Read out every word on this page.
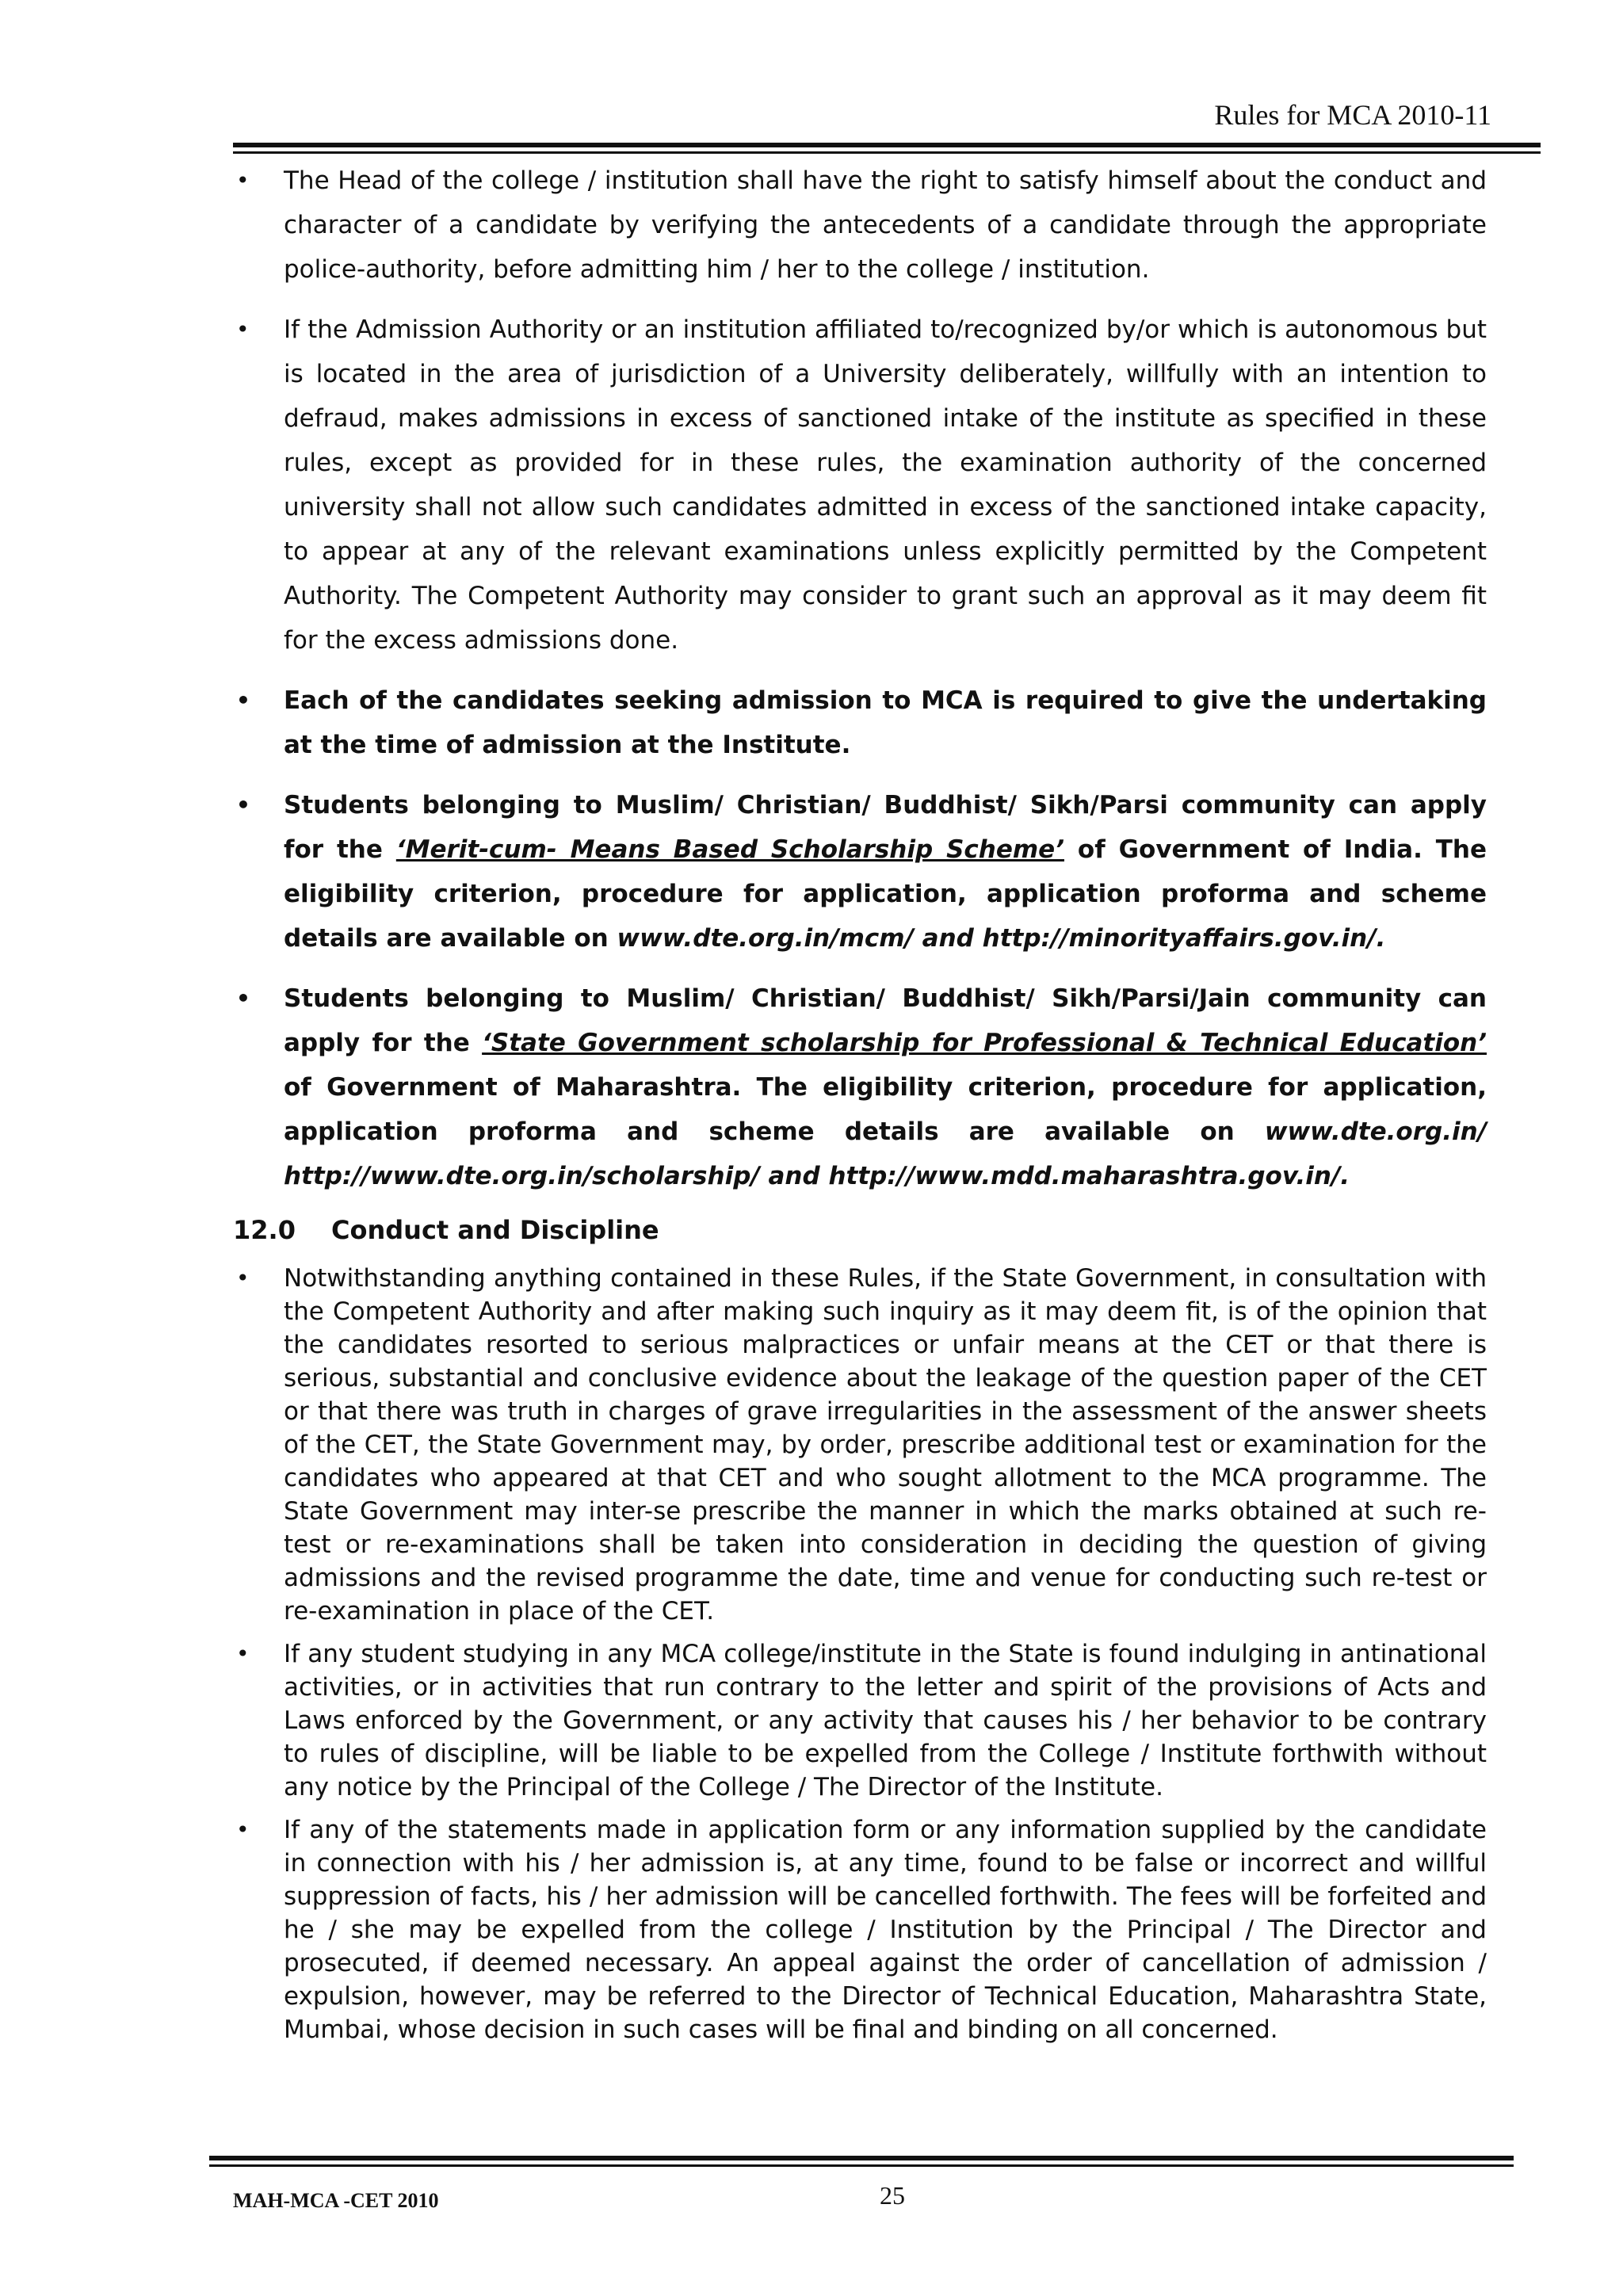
Rules for MCA 2010-11
• The Head of the college / institution shall have the right to satisfy himself about the conduct and character of a candidate by verifying the antecedents of a candidate through the appropriate police-authority, before admitting him / her to the college / institution.
• If the Admission Authority or an institution affiliated to/recognized by/or which is autonomous but is located in the area of jurisdiction of a University deliberately, willfully with an intention to defraud, makes admissions in excess of sanctioned intake of the institute as specified in these rules, except as provided for in these rules, the examination authority of the concerned university shall not allow such candidates admitted in excess of the sanctioned intake capacity, to appear at any of the relevant examinations unless explicitly permitted by the Competent Authority. The Competent Authority may consider to grant such an approval as it may deem fit for the excess admissions done.
• Each of the candidates seeking admission to MCA is required to give the undertaking at the time of admission at the Institute.
• Students belonging to Muslim/ Christian/ Buddhist/ Sikh/Parsi community can apply for the ‘Merit-cum- Means Based Scholarship Scheme’ of Government of India. The eligibility criterion, procedure for application, application proforma and scheme details are available on www.dte.org.in/mcm/ and http://minorityaffairs.gov.in/.
• Students belonging to Muslim/ Christian/ Buddhist/ Sikh/Parsi/Jain community can apply for the ‘State Government scholarship for Professional & Technical Education’ of Government of Maharashtra. The eligibility criterion, procedure for application, application proforma and scheme details are available on www.dte.org.in/ http://www.dte.org.in/scholarship/ and http://www.mdd.maharashtra.gov.in/.
12.0 Conduct and Discipline
• Notwithstanding anything contained in these Rules, if the State Government, in consultation with the Competent Authority and after making such inquiry as it may deem fit, is of the opinion that the candidates resorted to serious malpractices or unfair means at the CET or that there is serious, substantial and conclusive evidence about the leakage of the question paper of the CET or that there was truth in charges of grave irregularities in the assessment of the answer sheets of the CET, the State Government may, by order, prescribe additional test or examination for the candidates who appeared at that CET and who sought allotment to the MCA programme. The State Government may inter-se prescribe the manner in which the marks obtained at such re-test or re-examinations shall be taken into consideration in deciding the question of giving admissions and the revised programme the date, time and venue for conducting such re-test or re-examination in place of the CET.
• If any student studying in any MCA college/institute in the State is found indulging in antinational activities, or in activities that run contrary to the letter and spirit of the provisions of Acts and Laws enforced by the Government, or any activity that causes his / her behavior to be contrary to rules of discipline, will be liable to be expelled from the College / Institute forthwith without any notice by the Principal of the College / The Director of the Institute.
• If any of the statements made in application form or any information supplied by the candidate in connection with his / her admission is, at any time, found to be false or incorrect and willful suppression of facts, his / her admission will be cancelled forthwith. The fees will be forfeited and he / she may be expelled from the college / Institution by the Principal / The Director and prosecuted, if deemed necessary. An appeal against the order of cancellation of admission / expulsion, however, may be referred to the Director of Technical Education, Maharashtra State, Mumbai, whose decision in such cases will be final and binding on all concerned.
MAH-MCA -CET 2010	25
